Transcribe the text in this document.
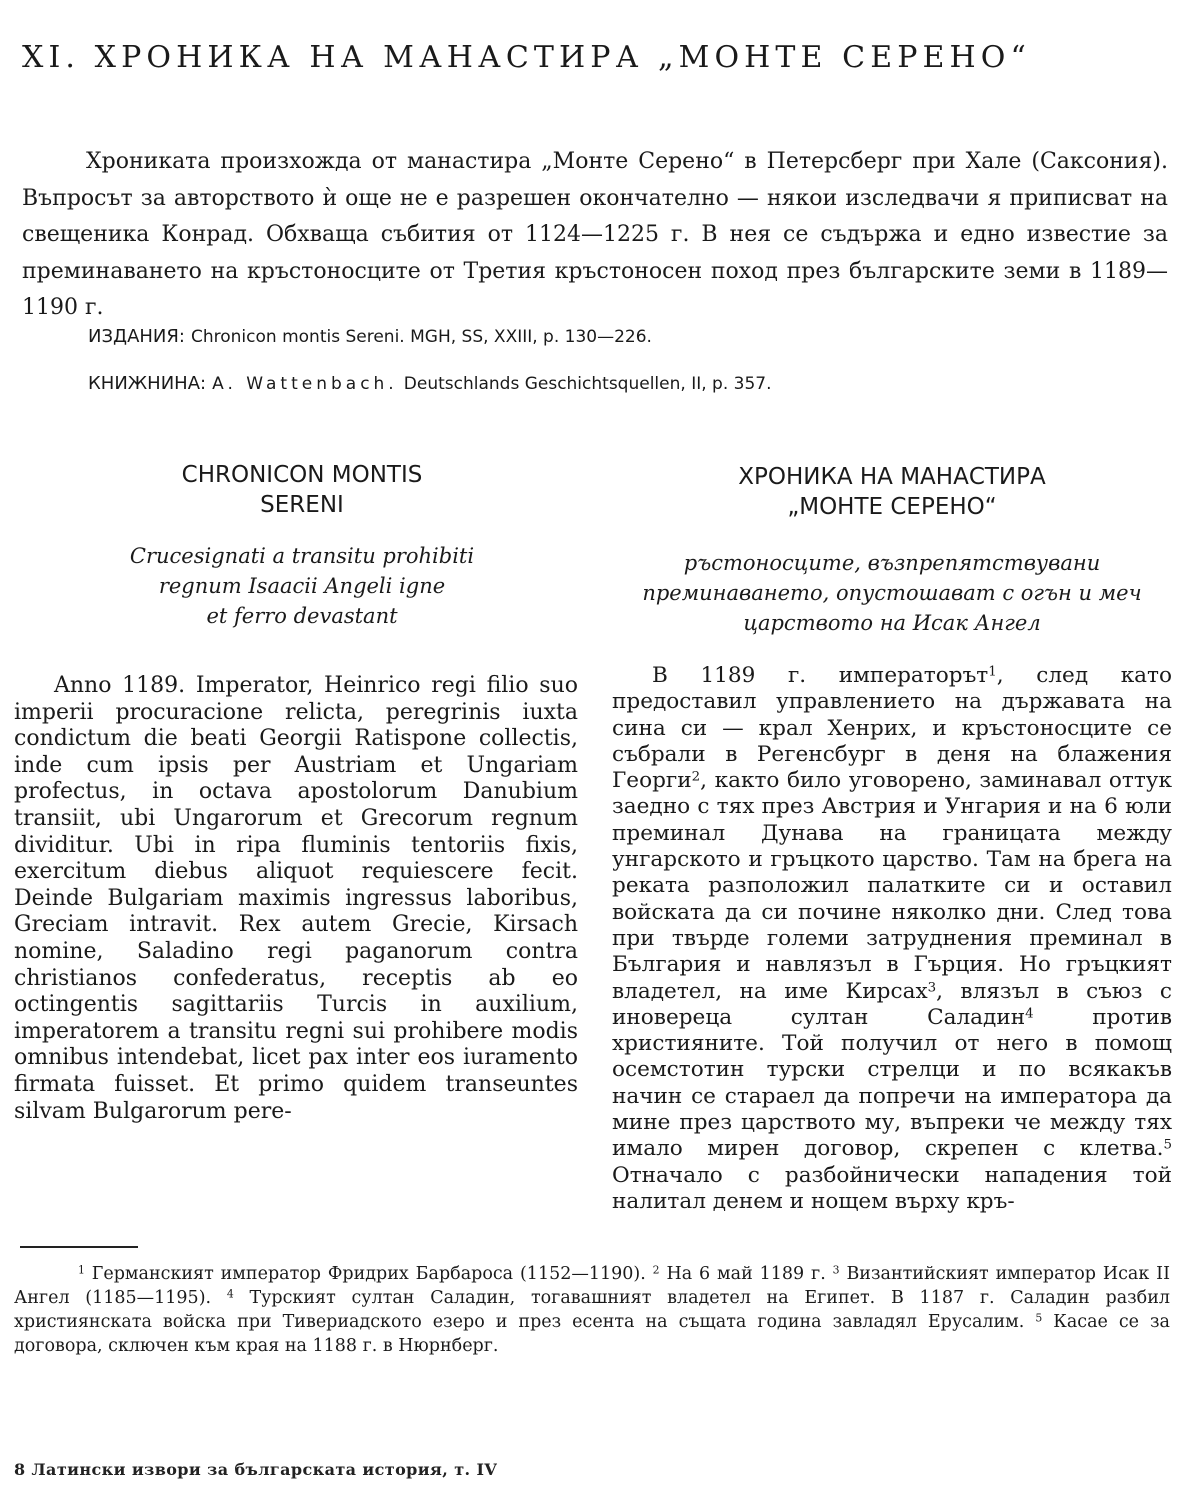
XI. ХРОНИКА НА МАНАСТИРА „МОНТЕ СЕРЕНО“

Хрониката произхожда от манастира „Монте Серено“ в Петерсберг при Хале (Саксония). Въпросът за авторството ѝ още не е разрешен окончателно — някои изследвачи я приписват на свещеника Конрад. Обхваща събития от 1124—1225 г. В нея се съдържа и едно известие за преминаването на кръстоносците от Третия кръстоносен поход през българските земи в 1189—1190 г.

ИЗДАНИЯ: Chronicon montis Sereni. MGH, SS, XXIII, p. 130—226.

КНИЖНИНА: A. Wattenbach. Deutschlands Geschichtsquellen, II, p. 357.

CHRONICON MONTIS
SERENI

Crucesignati a transitu prohibiti
regnum Isaacii Angeli igne
et ferro devastant

ХРОНИКА НА МАНАСТИРА
„МОНТЕ СЕРЕНО“

ръстоносците, възпрепятствувани
преминаването, опустошават с огън и меч
царството на Исак Ангел

Anno 1189. Imperator, Heinrico regi filio suo imperii procuracione relicta, peregrinis iuxta condictum die beati Georgii Ratispone collectis, inde cum ipsis per Austriam et Ungariam profectus, in octava apostolorum Danubium transiit, ubi Ungarorum et Grecorum regnum dividitur. Ubi in ripa fluminis tentoriis fixis, exercitum diebus aliquot requiescere fecit. Deinde Bulgariam maximis ingressus laboribus, Greciam intravit. Rex autem Grecie, Kirsach nomine, Saladino regi paganorum contra christianos confederatus, receptis ab eo octingentis sagittariis Turcis in auxilium, imperatorem a transitu regni sui prohibere modis omnibus intendebat, licet pax inter eos iuramento firmata fuisset. Et primo quidem transeuntes silvam Bulgarorum pere-

В 1189 г. императорът$^1$, след като предоставил управлението на държавата на сина си — крал Хенрих, и кръстоносците се събрали в Регенсбург в деня на блажения Георги$^2$, както било уговорено, заминавал оттук заедно с тях през Австрия и Унгария и на 6 юли преминал Дунава на границата между унгарското и гръцкото царство. Там на брега на реката разположил палатките си и оставил войската да си почине няколко дни. След това при твърде големи затруднения преминал в България и навлязъл в Гърция. Но гръцкият владетел, на име Кирсах$^3$, влязъл в съюз с иновереца султан Саладин$^4$ против християните. Той получил от него в помощ осемстотин турски стрелци и по всякакъв начин се стараел да попречи на императора да мине през царството му, въпреки че между тях имало мирен договор, скрепен с клетва.$^5$ Отначало с разбойнически нападения той налитал денем и нощем върху кръ-

$^1$ Германският император Фридрих Барбароса (1152—1190). $^2$ На 6 май 1189 г. $^3$ Византийският император Исак II Ангел (1185—1195). $^4$ Турският султан Саладин, тогавашният владетел на Египет. В 1187 г. Саладин разбил християнската войска при Тивериадското езеро и през есента на същата година завладял Ерусалим. $^5$ Касае се за договора, сключен към края на 1188 г. в Нюрнберг.

8 Латински извори за българската история, т. IV
